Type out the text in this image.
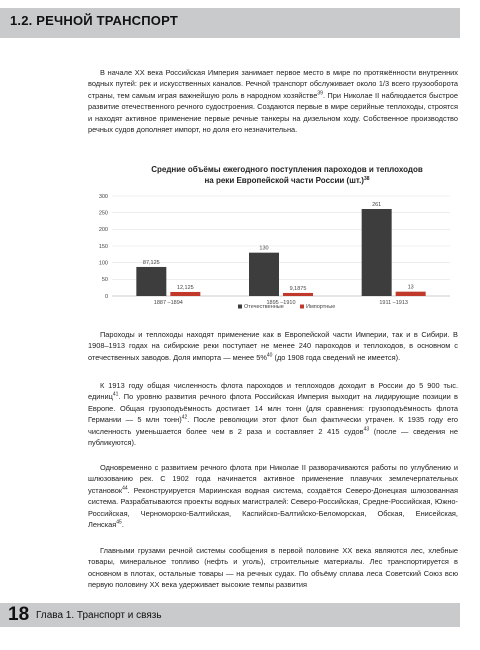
1.2. РЕЧНОЙ ТРАНСПОРТ

В начале XX века Российская Империя занимает первое место в мире по протяжённости внутренних водных путей: рек и искусственных каналов. Речной транспорт обслуживает около 1/3 всего грузооборота страны, тем самым играя важнейшую роль в народном хозяйстве$^{39}$. При Николае II наблюдается быстрое развитие отечественного речного судостроения. Создаются первые в мире серийные теплоходы, строятся и находят активное применение первые речные танкеры на дизельном ходу. Собственное производство речных судов дополняет импорт, но доля его незначительна.

Средние объёмы ежегодного поступления пароходов и теплоходов
на реки Европейской части России $(шт.)^{38}$
0
50
100
150
200
250
300
87,125
12,125
130
9,1875
261
13
1887 –1894	1895 –1910	1911 –1913
Отечественные	Импортные

Пароходы и теплоходы находят применение как в Европейской части Империи, так и в Сибири. В 1908–1913 годах на сибирские реки поступает не менее 240 пароходов и теплоходов, в основном с отечественных заводов. Доля импорта — менее 5%$^{40}$ (до 1908 года сведений не имеется).

К 1913 году общая численность флота пароходов и теплоходов доходит в России до 5 900 тыс. единиц$^{41}$. По уровню развития речного флота Российская Империя выходит на лидирующие позиции в Европе. Общая грузоподъёмность достигает 14 млн тонн (для сравнения: грузоподъёмность флота Германии — 5 млн тонн)$^{42}$. После революции этот флот был фактически утрачен. К 1935 году его численность уменьшается более чем в 2 раза и составляет 2 415 судов$^{43}$ (после — сведения не публикуются).

Одновременно с развитием речного флота при Николае II разворачиваются работы по углублению и шлюзованию рек. С 1902 года начинается активное применение плавучих землечерпательных установок$^{44}$. Реконструируется Мариинская водная система, создаётся Северо-Донецкая шлюзованная система. Разрабатываются проекты водных магистралей: Северо-Российская, Средне-Российская, Южно-Российская, Черноморско-Балтийская, Каспийско-Балтийско-Беломорская, Обская, Енисейская, Ленская$^{45}$.

Главными грузами речной системы сообщения в первой половине XX века являются лес, хлебные товары, минеральное топливо (нефть и уголь), строительные материалы. Лес транспортируется в основном в плотах, остальные товары — на речных судах. По объёму сплава леса Советский Союз всю первую половину XX века удерживает высокие темпы развития

18 Глава 1. Транспорт и связь
